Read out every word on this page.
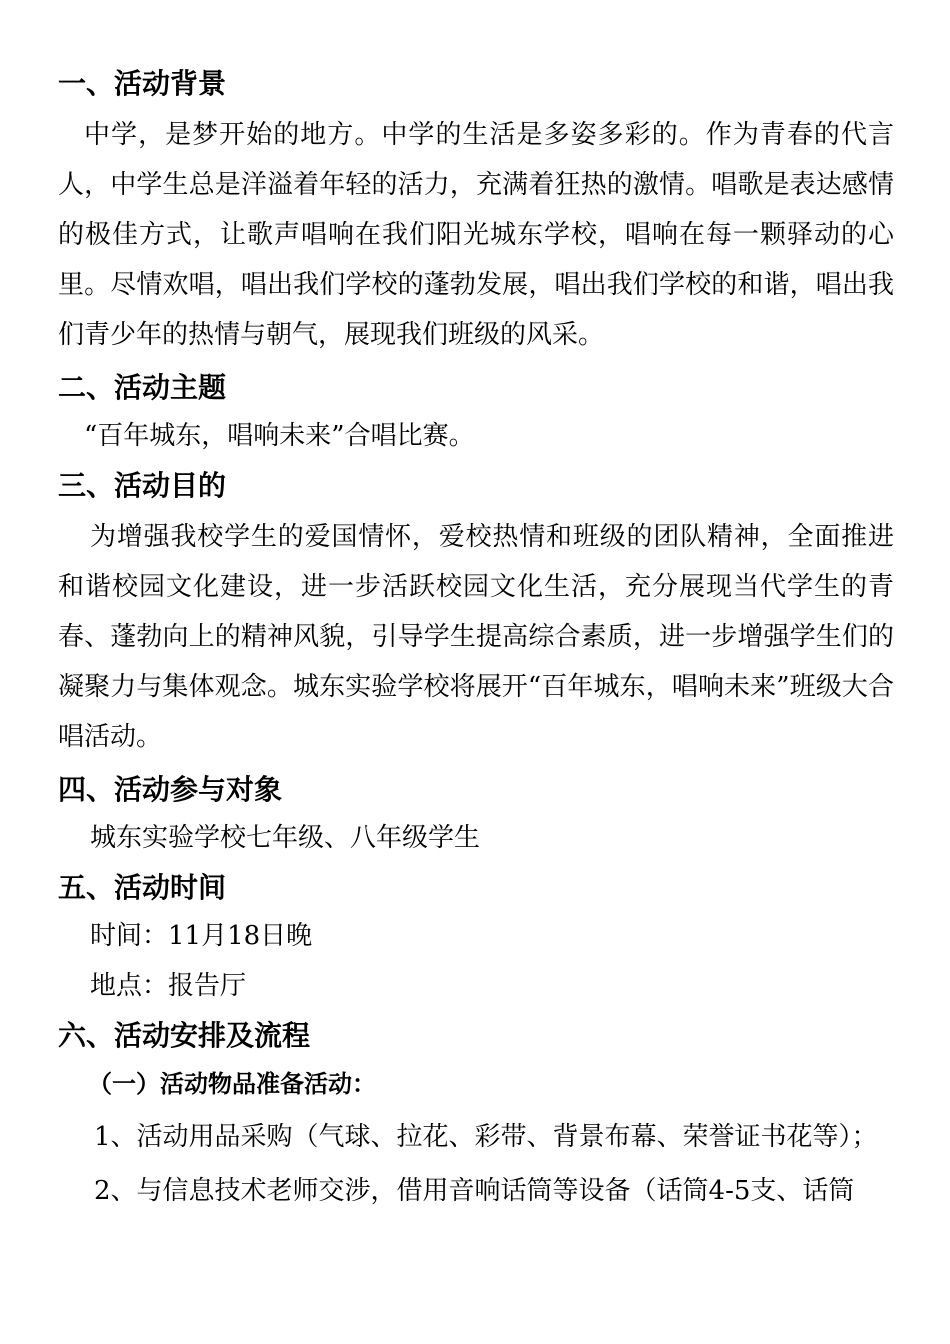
一、活动背景
中学，是梦开始的地方。中学的生活是多姿多彩的。作为青春的代言人，中学生总是洋溢着年轻的活力，充满着狂热的激情。唱歌是表达感情的极佳方式，让歌声唱响在我们阳光城东学校，唱响在每一颗驿动的心里。尽情欢唱，唱出我们学校的蓬勃发展，唱出我们学校的和谐，唱出我们青少年的热情与朝气，展现我们班级的风采。
二、活动主题
“百年城东，唱响未来”合唱比赛。
三、活动目的
为增强我校学生的爱国情怀，爱校热情和班级的团队精神，全面推进和谐校园文化建设，进一步活跃校园文化生活，充分展现当代学生的青春、蓬勃向上的精神风貌，引导学生提高综合素质，进一步增强学生们的凝聚力与集体观念。城东实验学校将展开“百年城东，唱响未来”班级大合唱活动。
四、活动参与对象
城东实验学校七年级、八年级学生
五、活动时间
时间：11月18日晚
地点：报告厅
六、活动安排及流程
（一）活动物品准备活动：
1、活动用品采购（气球、拉花、彩带、背景布幕、荣誉证书花等）；
2、与信息技术老师交涉，借用音响话筒等设备（话筒4-5支、话筒
